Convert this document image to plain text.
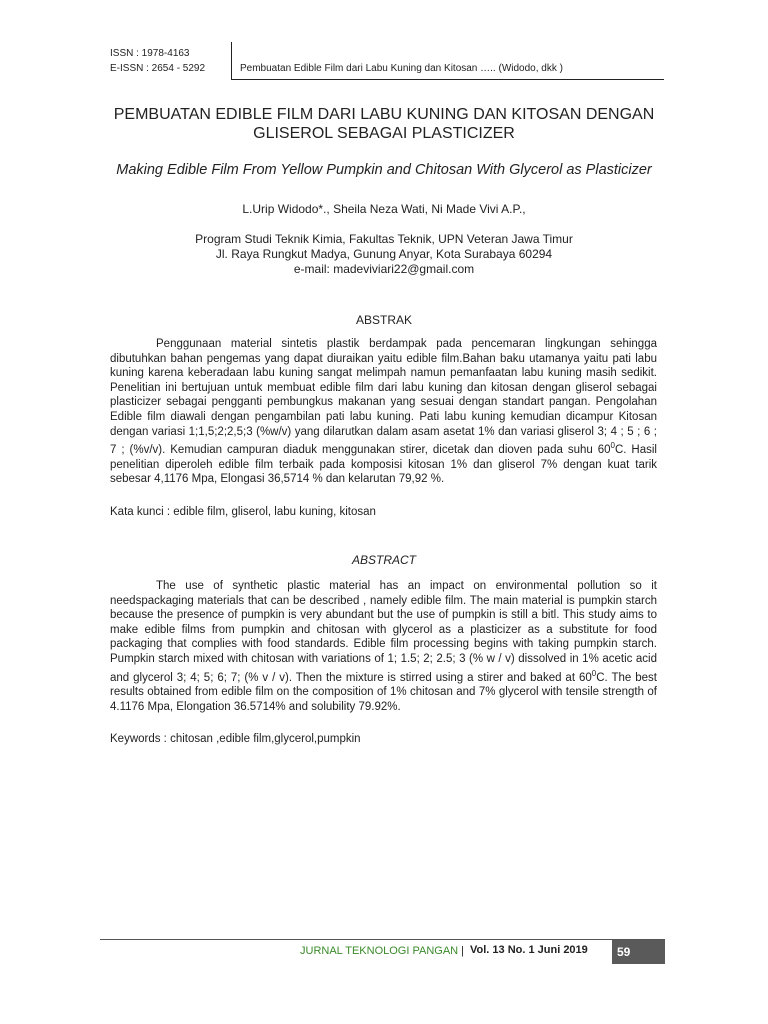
ISSN : 1978-4163
E-ISSN : 2654 - 5292	Pembuatan Edible Film dari Labu Kuning dan Kitosan ….. (Widodo, dkk )
PEMBUATAN EDIBLE FILM DARI LABU KUNING DAN KITOSAN DENGAN
GLISEROL SEBAGAI PLASTICIZER
Making Edible Film From Yellow Pumpkin and Chitosan With Glycerol as Plasticizer
L.Urip Widodo*., Sheila Neza Wati, Ni Made Vivi A.P.,
Program Studi Teknik Kimia, Fakultas Teknik, UPN Veteran Jawa Timur
Jl. Raya Rungkut Madya, Gunung Anyar, Kota Surabaya 60294
e-mail: madeviviari22@gmail.com
ABSTRAK

Penggunaan material sintetis plastik berdampak pada pencemaran lingkungan sehingga dibutuhkan bahan pengemas yang dapat diuraikan yaitu edible film.Bahan baku utamanya yaitu pati labu kuning karena keberadaan labu kuning sangat melimpah namun pemanfaatan labu kuning masih sedikit. Penelitian ini bertujuan untuk membuat edible film dari labu kuning dan kitosan dengan gliserol sebagai plasticizer sebagai pengganti pembungkus makanan yang sesuai dengan standart pangan. Pengolahan Edible film diawali dengan pengambilan pati labu kuning. Pati labu kuning kemudian dicampur Kitosan dengan variasi 1;1,5;2;2,5;3 (%w/v) yang dilarutkan dalam asam asetat 1% dan variasi gliserol 3; 4 ; 5 ; 6 ; 7 ; (%v/v). Kemudian campuran diaduk menggunakan stirer, dicetak dan dioven pada suhu $60^0C$. Hasil penelitian diperoleh edible film terbaik pada komposisi kitosan 1% dan gliserol 7% dengan kuat tarik sebesar 4,1176 Mpa, Elongasi 36,5714 % dan kelarutan 79,92 %.

Kata kunci : edible film, gliserol, labu kuning, kitosan
ABSTRACT

The use of synthetic plastic material has an impact on environmental pollution so it needspackaging materials that can be described , namely edible film. The main material is pumpkin starch because the presence of pumpkin is very abundant but the use of pumpkin is still a bitl. This study aims to make edible films from pumpkin and chitosan with glycerol as a plasticizer as a substitute for food packaging that complies with food standards. Edible film processing begins with taking pumpkin starch. Pumpkin starch mixed with chitosan with variations of 1; 1.5; 2; 2.5; 3 (% w / v) dissolved in 1% acetic acid and glycerol 3; 4; 5; 6; 7; (% v / v). Then the mixture is stirred using a stirer and baked at $60^0C$. The best results obtained from edible film on the composition of 1% chitosan and 7% glycerol with tensile strength of 4.1176 Mpa, Elongation 36.5714% and solubility 79.92%.

Keywords : chitosan ,edible film,glycerol,pumpkin
JURNAL TEKNOLOGI PANGAN | Vol. 13 No. 1 Juni 2019	59
